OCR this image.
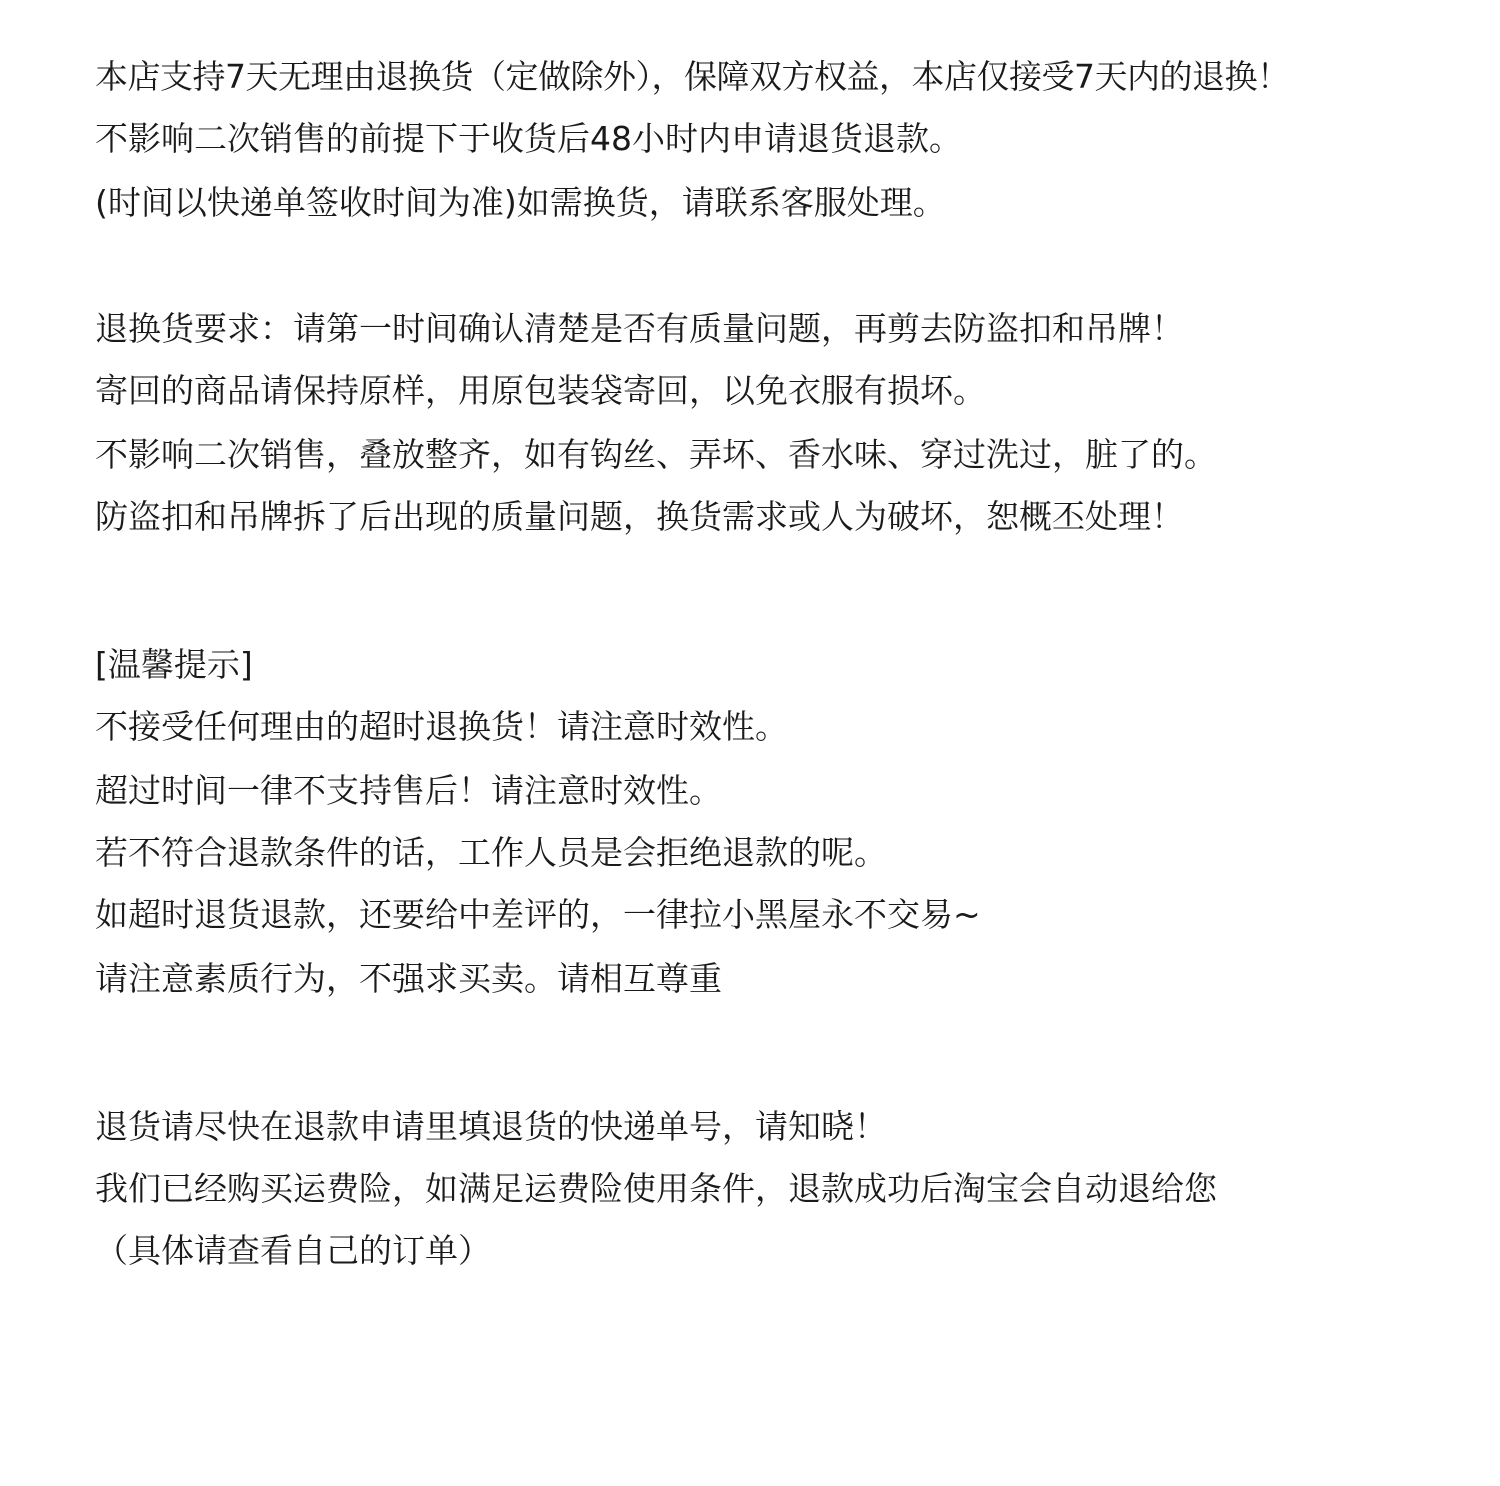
本店支持7天无理由退换货（定做除外），保障双方权益，本店仅接受7天内的退换！

不影响二次销售的前提下于收货后48小时内申请退货退款。

(时间以快递单签收时间为准)如需换货，请联系客服处理。

退换货要求：请第一时间确认清楚是否有质量问题，再剪去防盗扣和吊牌！

寄回的商品请保持原样，用原包装袋寄回，以免衣服有损坏。

不影响二次销售，叠放整齐，如有钩丝、弄坏、香水味、穿过洗过，脏了的。

防盗扣和吊牌拆了后出现的质量问题，换货需求或人为破坏，恕概丕处理！

[温馨提示]

不接受任何理由的超时退换货！请注意时效性。

超过时间一律不支持售后！请注意时效性。

若不符合退款条件的话，工作人员是会拒绝退款的呢。

如超时退货退款，还要给中差评的，一律拉小黑屋永不交易~

请注意素质行为，不强求买卖。请相互尊重

退货请尽快在退款申请里填退货的快递单号，请知晓！

我们已经购买运费险，如满足运费险使用条件，退款成功后淘宝会自动退给您

（具体请查看自己的订单）
